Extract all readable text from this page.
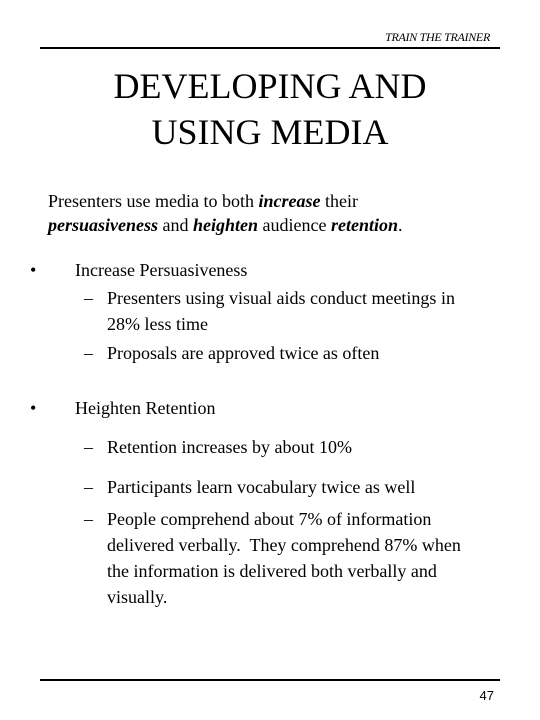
TRAIN THE TRAINER
DEVELOPING AND
USING MEDIA
Presenters use media to both increase their
persuasiveness and heighten audience retention.
•	Increase Persuasiveness
– Presenters using visual aids conduct meetings in
28% less time
– Proposals are approved twice as often
•	Heighten Retention
– Retention increases by about 10%
– Participants learn vocabulary twice as well
– People comprehend about 7% of information
delivered verbally.  They comprehend 87% when
the information is delivered both verbally and
visually.
47
